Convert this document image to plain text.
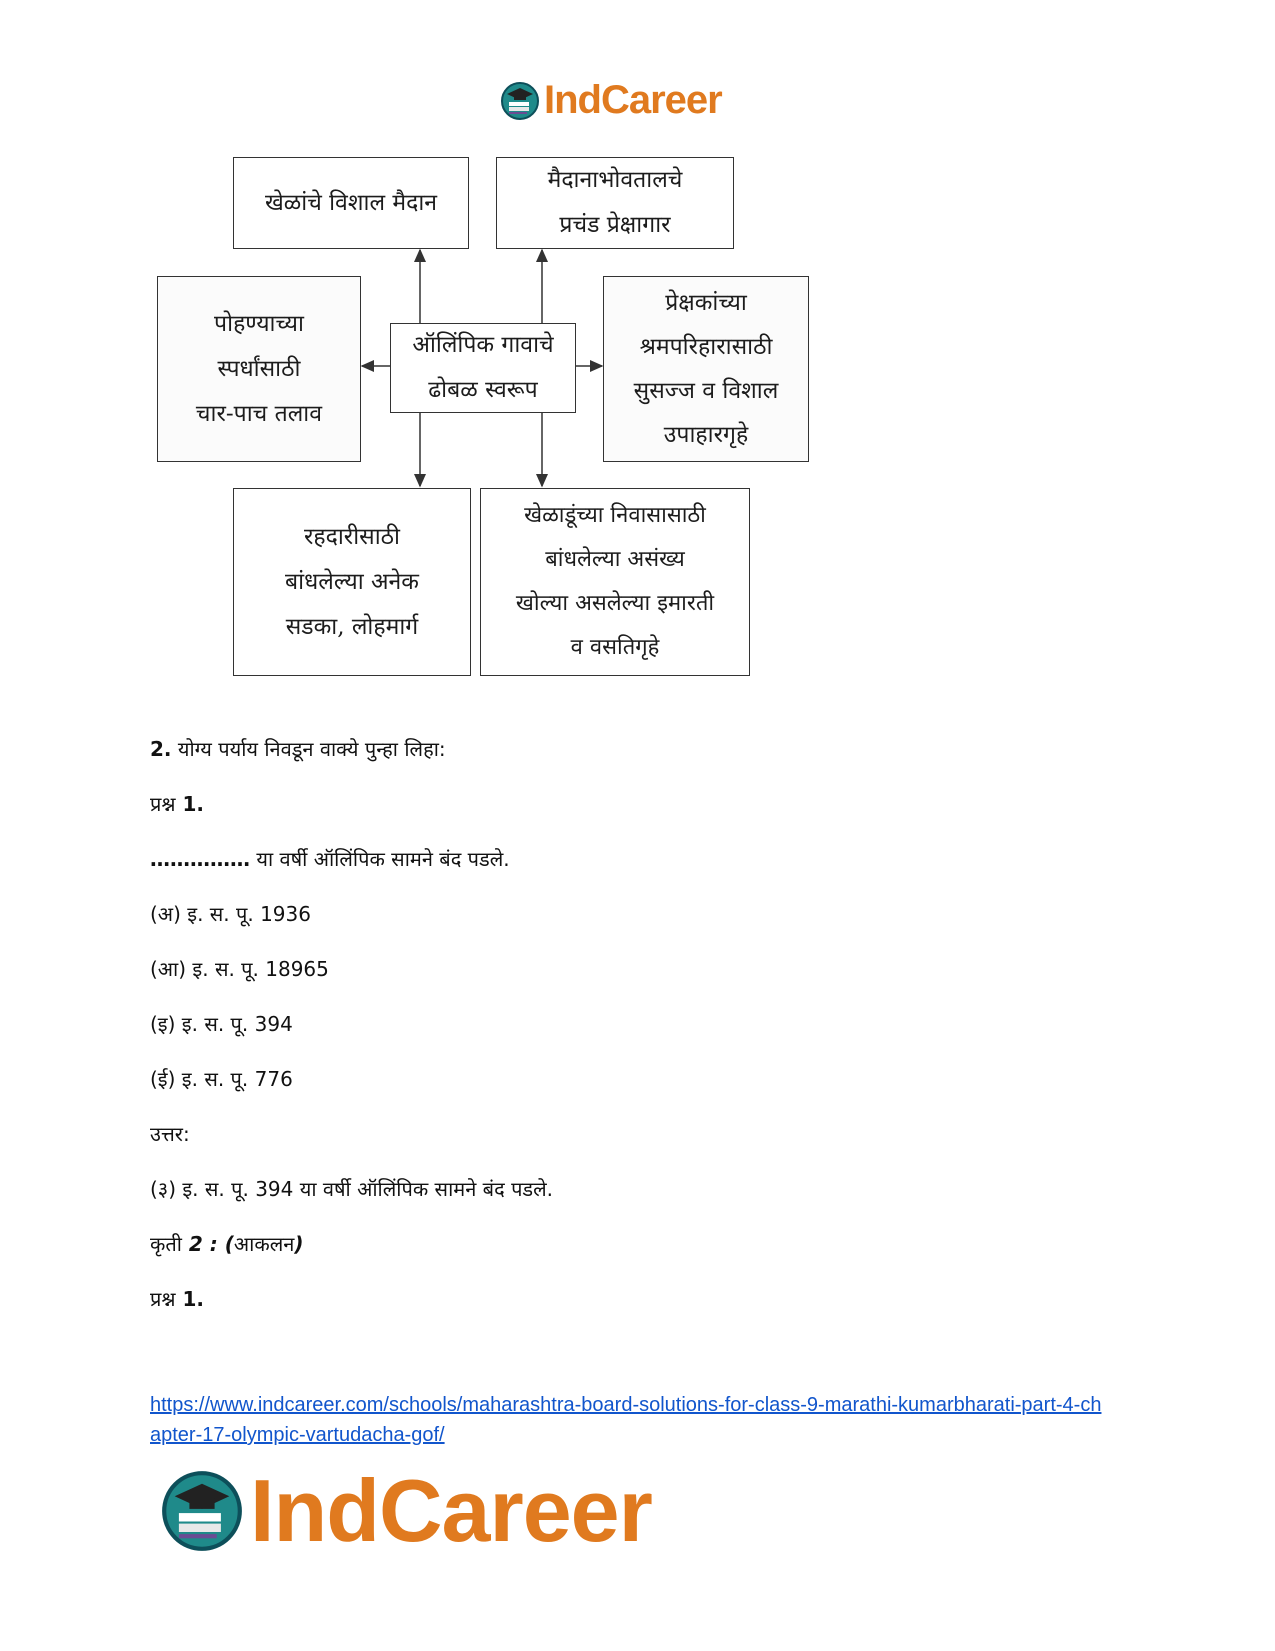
IndCareer
खेळांचे विशाल मैदान
मैदानाभोवतालचे
प्रचंड प्रेक्षागार
पोहण्याच्या
स्पर्धांसाठी
चार-पाच तलाव
ऑलिंपिक गावाचे
ढोबळ स्वरूप
प्रेक्षकांच्या
श्रमपरिहारासाठी
सुसज्ज व विशाल
उपाहारगृहे
रहदारीसाठी
बांधलेल्या अनेक
सडका, लोहमार्ग
खेळाडूंच्या निवासासाठी
बांधलेल्या असंख्य
खोल्या असलेल्या इमारती
व वसतिगृहे
2. योग्य पर्याय निवडून वाक्ये पुन्हा लिहा:
प्रश्न 1.
…………… या वर्षी ऑलिंपिक सामने बंद पडले.
(अ) इ. स. पू. 1936
(आ) इ. स. पू. 18965
(इ) इ. स. पू. 394
(ई) इ. स. पू. 776
उत्तर:
(३) इ. स. पू. 394 या वर्षी ऑलिंपिक सामने बंद पडले.
कृती 2 : (आकलन)
प्रश्न 1.
https://www.indcareer.com/schools/maharashtra-board-solutions-for-class-9-marathi-kumarbharati-part-4-chapter-17-olympic-vartudacha-gof/
IndCareer
